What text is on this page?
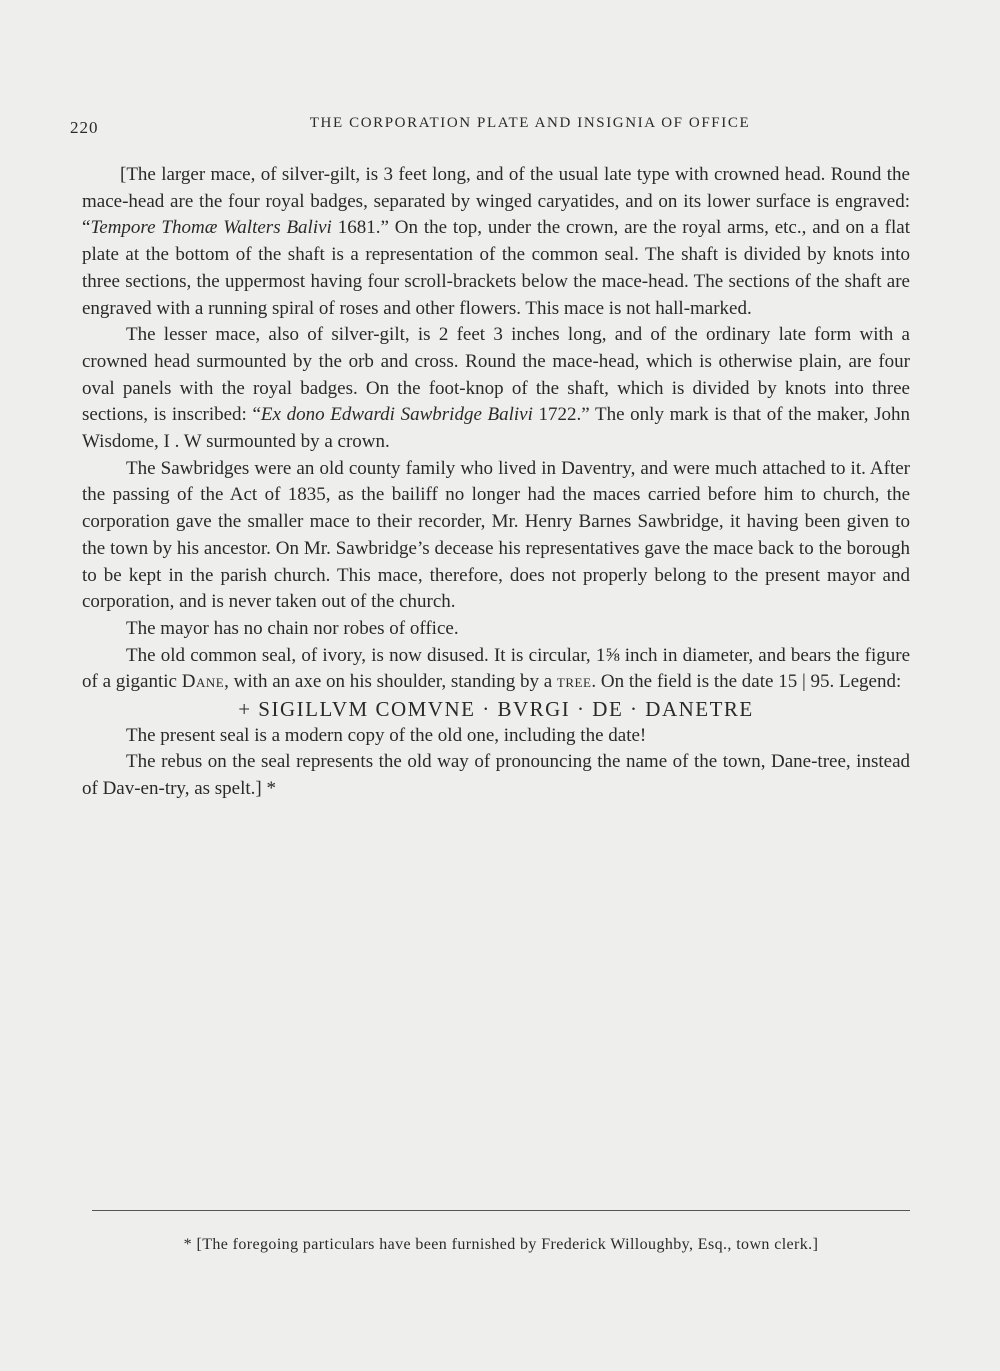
220	THE CORPORATION PLATE AND INSIGNIA OF OFFICE

[The larger mace, of silver-gilt, is 3 feet long, and of the usual late type with crowned head. Round the mace-head are the four royal badges, separated by winged caryatides, and on its lower surface is engraved: “Tempore Thomæ Walters Balivi 1681.” On the top, under the crown, are the royal arms, etc., and on a flat plate at the bottom of the shaft is a representation of the common seal. The shaft is divided by knots into three sections, the uppermost having four scroll-brackets below the mace-head. The sections of the shaft are engraved with a running spiral of roses and other flowers. This mace is not hall-marked.

The lesser mace, also of silver-gilt, is 2 feet 3 inches long, and of the ordinary late form with a crowned head surmounted by the orb and cross. Round the mace-head, which is otherwise plain, are four oval panels with the royal badges. On the foot-knop of the shaft, which is divided by knots into three sections, is inscribed: “Ex dono Edwardi Sawbridge Balivi 1722.” The only mark is that of the maker, John Wisdome, I . W surmounted by a crown.

The Sawbridges were an old county family who lived in Daventry, and were much attached to it. After the passing of the Act of 1835, as the bailiff no longer had the maces carried before him to church, the corporation gave the smaller mace to their recorder, Mr. Henry Barnes Sawbridge, it having been given to the town by his ancestor. On Mr. Sawbridge’s decease his representatives gave the mace back to the borough to be kept in the parish church. This mace, therefore, does not properly belong to the present mayor and corporation, and is never taken out of the church.

The mayor has no chain nor robes of office.

The old common seal, of ivory, is now disused. It is circular, 1⅝ inch in diameter, and bears the figure of a gigantic Dane, with an axe on his shoulder, standing by a tree. On the field is the date 15 | 95. Legend:

+ SIGILLVM COMVNE · BVRGI · DE · DANETRE

The present seal is a modern copy of the old one, including the date!

The rebus on the seal represents the old way of pronouncing the name of the town, Dane-tree, instead of Dav-en-try, as spelt.] *

* [The foregoing particulars have been furnished by Frederick Willoughby, Esq., town clerk.]
